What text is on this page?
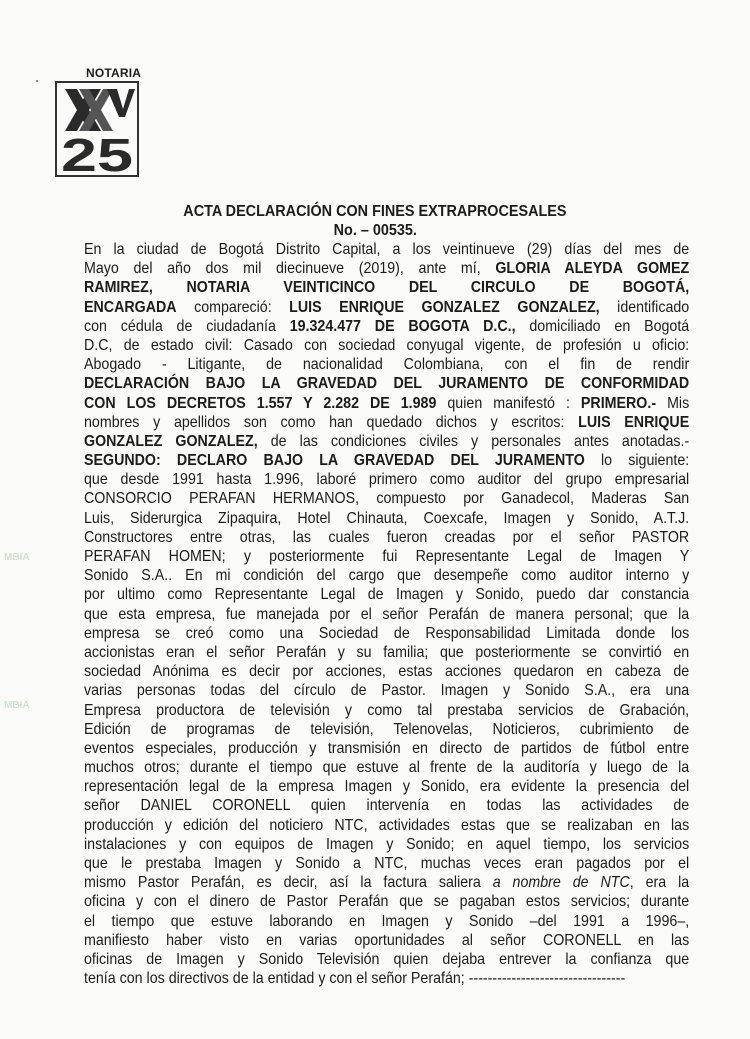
NOTARIA
25
ACTA DECLARACIÓN CON FINES EXTRAPROCESALES
No. – 00535.
MBIA
MBIA
En la ciudad de Bogotá Distrito Capital, a los veintinueve (29) días del mes de
Mayo del año dos mil diecinueve (2019), ante mí, GLORIA ALEYDA GOMEZ
RAMIREZ, NOTARIA VEINTICINCO DEL CIRCULO DE BOGOTÁ,
ENCARGADA compareció: LUIS ENRIQUE GONZALEZ GONZALEZ, identificado
con cédula de ciudadanía 19.324.477 DE BOGOTA D.C., domiciliado en Bogotá
D.C, de estado civil: Casado con sociedad conyugal vigente, de profesión u oficio:
Abogado - Litigante, de nacionalidad Colombiana, con el fin de rendir
DECLARACIÓN BAJO LA GRAVEDAD DEL JURAMENTO DE CONFORMIDAD
CON LOS DECRETOS 1.557 Y 2.282 DE 1.989 quien manifestó : PRIMERO.- Mis
nombres y apellidos son como han quedado dichos y escritos: LUIS ENRIQUE
GONZALEZ GONZALEZ, de las condiciones civiles y personales antes anotadas.-
SEGUNDO: DECLARO BAJO LA GRAVEDAD DEL JURAMENTO lo siguiente:
que desde 1991 hasta 1.996, laboré primero como auditor del grupo empresarial
CONSORCIO PERAFAN HERMANOS, compuesto por Ganadecol, Maderas San
Luis, Siderurgica Zipaquira, Hotel Chinauta, Coexcafe, Imagen y Sonido, A.T.J.
Constructores entre otras, las cuales fueron creadas por el señor PASTOR
PERAFAN HOMEN; y posteriormente fui Representante Legal de Imagen Y
Sonido S.A.. En mi condición del cargo que desempeñe como auditor interno y
por ultimo como Representante Legal de Imagen y Sonido, puedo dar constancia
que esta empresa, fue manejada por el señor Perafán de manera personal; que la
empresa se creó como una Sociedad de Responsabilidad Limitada donde los
accionistas eran el señor Perafán y su familia; que posteriormente se convirtió en
sociedad Anónima es decir por acciones, estas acciones quedaron en cabeza de
varias personas todas del círculo de Pastor. Imagen y Sonido S.A., era una
Empresa productora de televisión y como tal prestaba servicios de Grabación,
Edición de programas de televisión, Telenovelas, Noticieros, cubrimiento de
eventos especiales, producción y transmisión en directo de partidos de fútbol entre
muchos otros; durante el tiempo que estuve al frente de la auditoría y luego de la
representación legal de la empresa Imagen y Sonido, era evidente la presencia del
señor DANIEL CORONELL quien intervenía en todas las actividades de
producción y edición del noticiero NTC, actividades estas que se realizaban en las
instalaciones y con equipos de Imagen y Sonido; en aquel tiempo, los servicios
que le prestaba Imagen y Sonido a NTC, muchas veces eran pagados por el
mismo Pastor Perafán, es decir, así la factura saliera a nombre de NTC, era la
oficina y con el dinero de Pastor Perafán que se pagaban estos servicios; durante
el tiempo que estuve laborando en Imagen y Sonido –del 1991 a 1996–,
manifiesto haber visto en varias oportunidades al señor CORONELL en las
oficinas de Imagen y Sonido Televisión quien dejaba entrever la confianza que
tenía con los directivos de la entidad y con el señor Perafán; ---------------------------------
